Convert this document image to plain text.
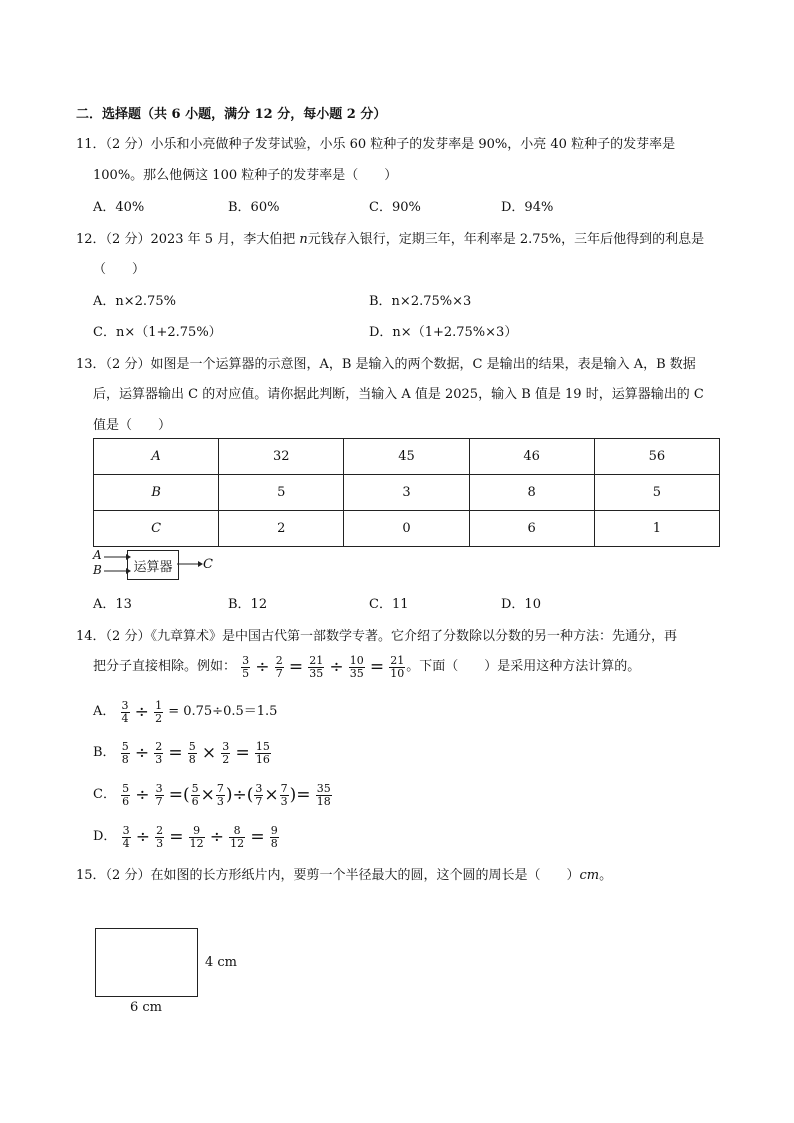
二．选择题（共 6 小题，满分 12 分，每小题 2 分）
11．（2 分）小乐和小亮做种子发芽试验，小乐 60 粒种子的发芽率是 90%，小亮 40 粒种子的发芽率是
100%。那么他俩这 100 粒种子的发芽率是（　　）
A．40%	B．60%	C．90%	D．94%
12．（2 分）2023 年 5 月，李大伯把 n元钱存入银行，定期三年，年利率是 2.75%，三年后他得到的利息是
（　　）
A．n×2.75%	B．n×2.75%×3
C．n×（1+2.75%）	D．n×（1+2.75%×3）
13．（2 分）如图是一个运算器的示意图，A，B 是输入的两个数据，C 是输出的结果，表是输入 A，B 数据
后，运算器输出 C 的对应值。请你据此判断，当输入 A 值是 2025，输入 B 值是 19 时，运算器输出的 C
值是（　　）
A	32	45	46	56
B	5	3	8	5
C	2	0	6	1
A
B	运算器	C
A．13	B．12	C．11	D．10
14．（2 分）《九章算术》是中国古代第一部数学专著。它介绍了分数除以分数的另一种方法：先通分，再
把分子直接相除。例如： $\frac{3}{5} \div \frac{2}{7} = \frac{21}{35} \div \frac{10}{35} = \frac{21}{10}$ 。下面（　　）是采用这种方法计算的。
A． $\frac{3}{4} \div \frac{1}{2} = 0.75\div 0.5=1.5$
B． $\frac{5}{8} \div \frac{2}{3} = \frac{5}{8} \times \frac{3}{2} = \frac{15}{16}$
C． $\frac{5}{6} \div \frac{3}{7}$ =( $\frac{5}{6} \times \frac{7}{3}$ )÷( $\frac{3}{7} \times \frac{7}{3}$ )= $\frac{35}{18}$
D． $\frac{3}{4} \div \frac{2}{3} = \frac{9}{12} \div \frac{8}{12} = \frac{9}{8}$
15．（2 分）在如图的长方形纸片内，要剪一个半径最大的圆，这个圆的周长是（　　）cm。
4 cm
6 cm
